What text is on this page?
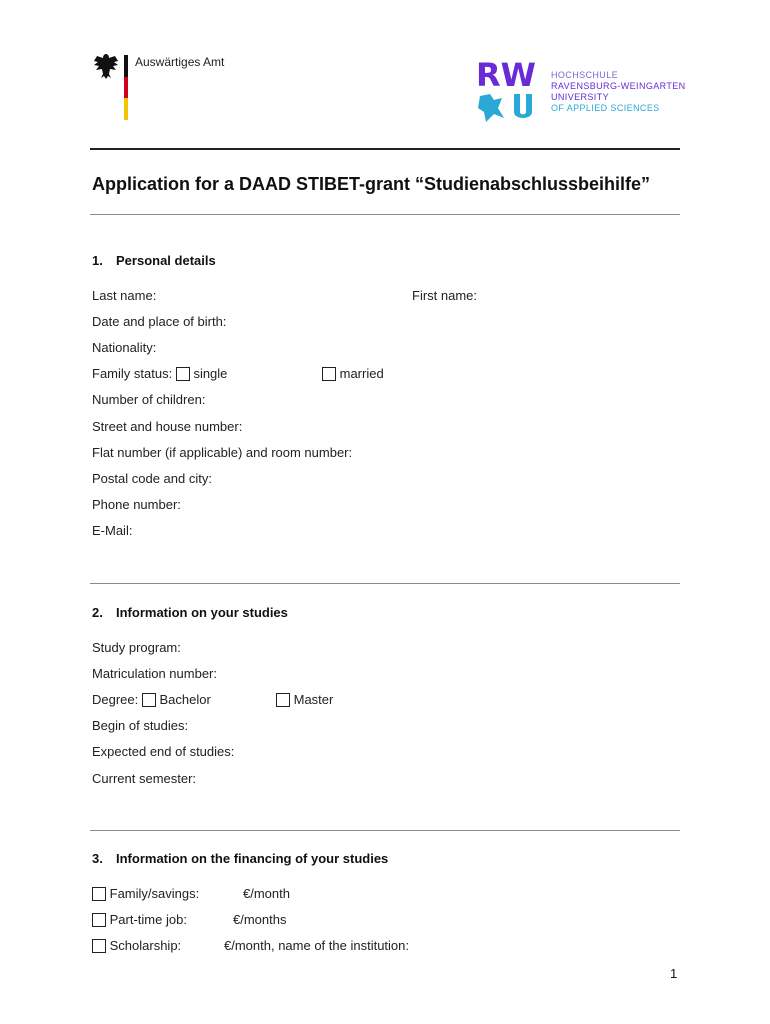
Auswärtiges Amt	RW HOCHSCHULE
RAVENSBURG-WEINGARTEN
UNIVERSITY
OF APPLIED SCIENCES
Application for a DAAD STIBET-grant “Studienabschlussbeihilfe”
1. Personal details
Last name:	First name:
Date and place of birth:
Nationality:
Family status: single	married
Number of children:
Street and house number:
Flat number (if applicable) and room number:
Postal code and city:
Phone number:
E-Mail:
2. Information on your studies
Study program:
Matriculation number:
Degree: Bachelor	Master
Begin of studies:
Expected end of studies:
Current semester:
3. Information on the financing of your studies
Family/savings:	€/month
Part-time job:	€/months
Scholarship:	€/month, name of the institution:
1
